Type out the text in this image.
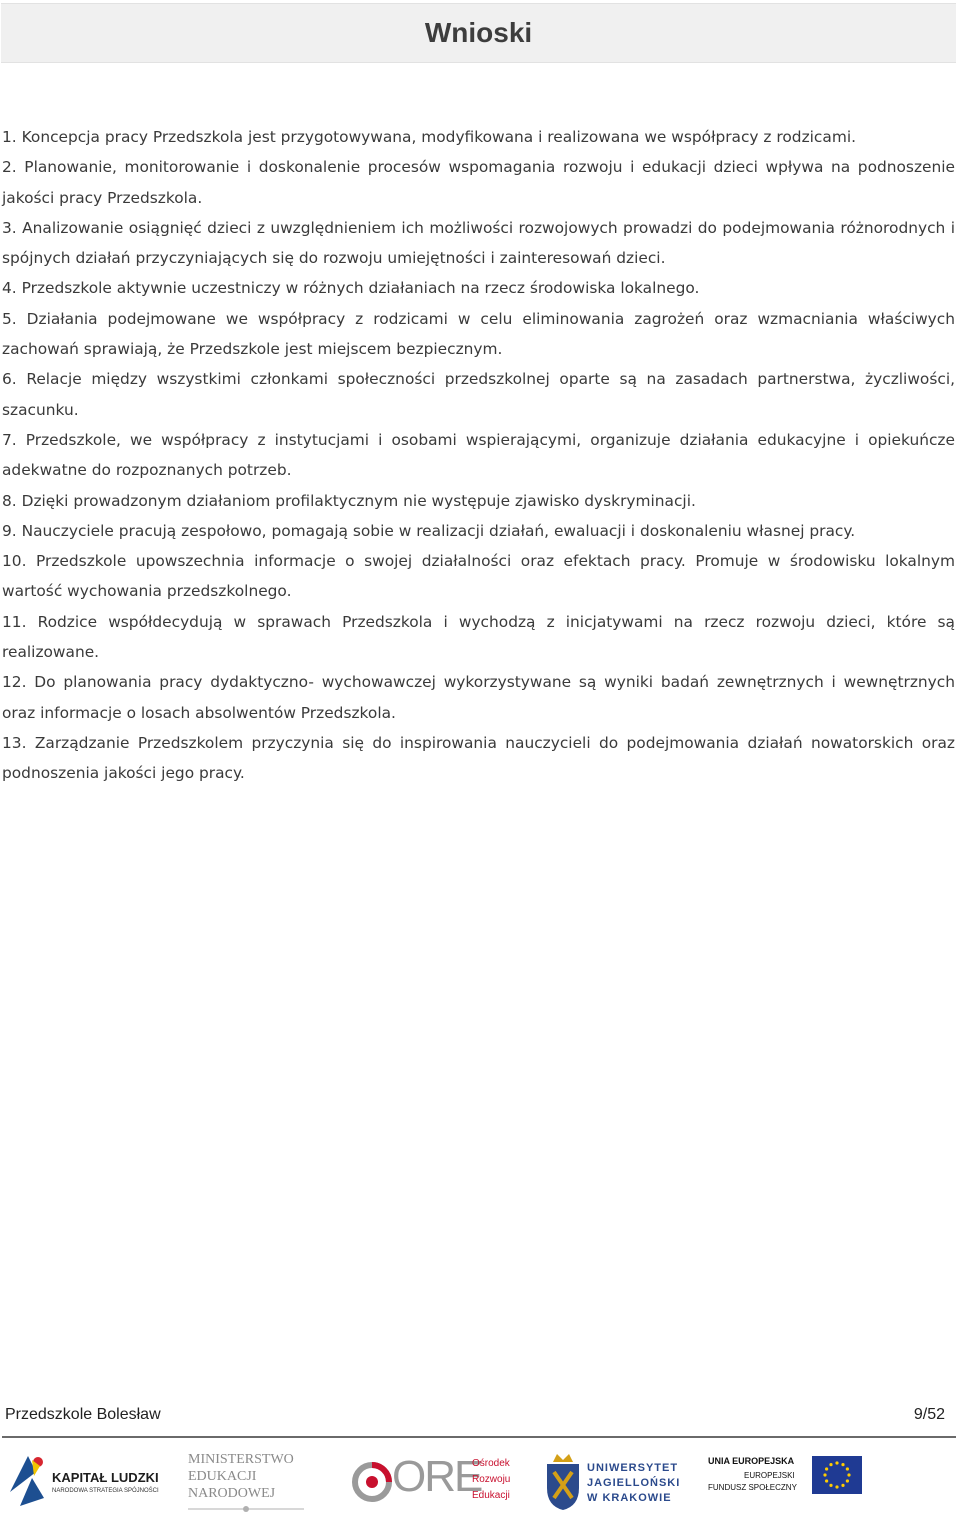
Wnioski

1. Koncepcja pracy Przedszkola jest przygotowywana, modyfikowana i realizowana we współpracy z rodzicami.

2. Planowanie, monitorowanie i doskonalenie procesów wspomagania rozwoju i edukacji dzieci wpływa na podnoszenie jakości pracy Przedszkola.

3. Analizowanie osiągnięć dzieci z uwzględnieniem ich możliwości rozwojowych prowadzi do podejmowania różnorodnych i spójnych działań przyczyniających się do rozwoju umiejętności i zainteresowań dzieci.

4. Przedszkole aktywnie uczestniczy w różnych działaniach na rzecz środowiska lokalnego.

5. Działania podejmowane we współpracy z rodzicami w celu eliminowania zagrożeń oraz wzmacniania właściwych zachowań sprawiają, że Przedszkole jest miejscem bezpiecznym.

6. Relacje między wszystkimi członkami społeczności przedszkolnej oparte są na zasadach partnerstwa, życzliwości, szacunku.

7. Przedszkole, we współpracy z instytucjami i osobami wspierającymi, organizuje działania edukacyjne i opiekuńcze adekwatne do rozpoznanych potrzeb.

8. Dzięki prowadzonym działaniom profilaktycznym nie występuje zjawisko dyskryminacji.

9. Nauczyciele pracują zespołowo, pomagają sobie w realizacji działań, ewaluacji i doskonaleniu własnej pracy.

10. Przedszkole upowszechnia informacje o swojej działalności oraz efektach pracy. Promuje w środowisku lokalnym wartość wychowania przedszkolnego.

11. Rodzice współdecydują w sprawach Przedszkola i wychodzą z inicjatywami na rzecz rozwoju dzieci, które są realizowane.

12. Do planowania pracy dydaktyczno- wychowawczej wykorzystywane są wyniki badań zewnętrznych i wewnętrznych oraz informacje o losach absolwentów Przedszkola.

13. Zarządzanie Przedszkolem przyczynia się do inspirowania nauczycieli do podejmowania działań nowatorskich oraz podnoszenia jakości jego pracy.

Przedszkole Bolesław	9/52
KAPITAŁ LUDZKI
NARODOWA STRATEGIA SPÓJNOŚCI
MINISTERSTWO
EDUKACJI
NARODOWEJ	ORE
Ośrodek
Rozwoju
Edukacji
UNIWERSYTET
JAGIELLOŃSKI
W KRAKOWIE
UNIA EUROPEJSKA
EUROPEJSKI
FUNDUSZ SPOŁECZNY
